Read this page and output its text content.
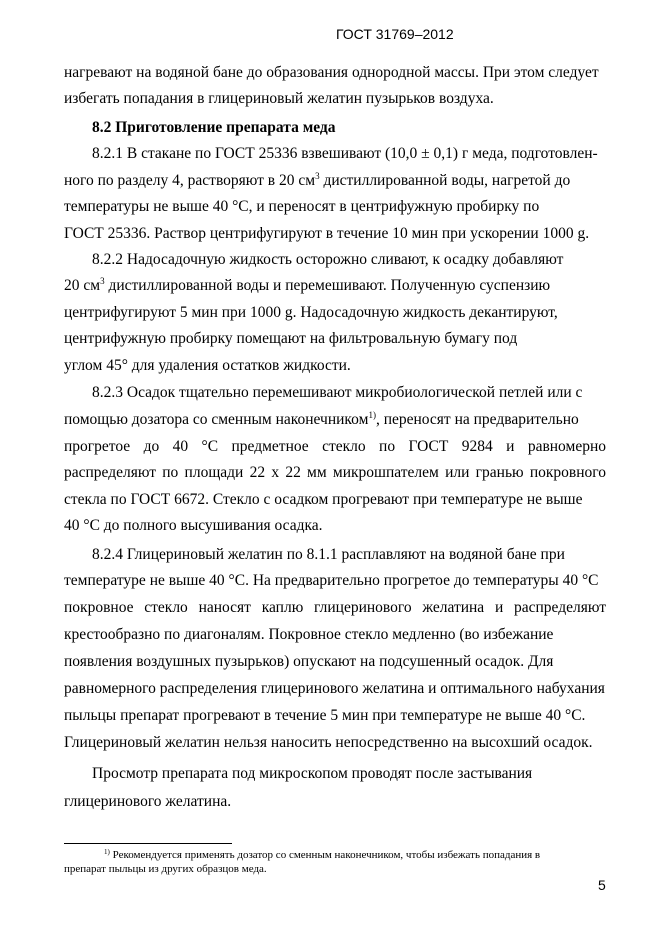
ГОСТ 31769–2012
нагревают на водяной бане до образования однородной массы. При этом следует
избегать попадания в глицериновый желатин пузырьков воздуха.
8.2 Приготовление препарата меда
8.2.1 В стакане по ГОСТ 25336 взвешивают (10,0 ± 0,1) г меда, подготовлен-
ного по разделу 4, растворяют в 20 $см^3$ дистиллированной воды, нагретой до
температуры не выше 40 °С, и переносят в центрифужную пробирку по
ГОСТ 25336. Раствор центрифугируют в течение 10 мин при ускорении 1000 g.
8.2.2 Надосадочную жидкость осторожно сливают, к осадку добавляют
20 $см^3$ дистиллированной воды и перемешивают. Полученную суспензию
центрифугируют 5 мин при 1000 g. Надосадочную жидкость декантируют,
центрифужную пробирку помещают на фильтровальную бумагу под
углом 45° для удаления остатков жидкости.
8.2.3 Осадок тщательно перемешивают микробиологической петлей или с
помощью дозатора со сменным наконечником$^{1)}$, переносят на предварительно
прогретое до 40 °С предметное стекло по ГОСТ 9284 и равномерно
распределяют по площади 22 х 22 мм микрошпателем или гранью покровного
стекла по ГОСТ 6672. Стекло с осадком прогревают при температуре не выше
40 °С до полного высушивания осадка.
8.2.4 Глицериновый желатин по 8.1.1 расплавляют на водяной бане при
температуре не выше 40 °С. На предварительно прогретое до температуры 40 °С
покровное стекло наносят каплю глицеринового желатина и распределяют
крестообразно по диагоналям. Покровное стекло медленно (во избежание
появления воздушных пузырьков) опускают на подсушенный осадок. Для
равномерного распределения глицеринового желатина и оптимального набухания
пыльцы препарат прогревают в течение 5 мин при температуре не выше 40 °С.
Глицериновый желатин нельзя наносить непосредственно на высохший осадок.
Просмотр препарата под микроскопом проводят после застывания
глицеринового желатина.
$^{1)}$ Рекомендуется применять дозатор со сменным наконечником, чтобы избежать попадания в
препарат пыльцы из других образцов меда.
5
